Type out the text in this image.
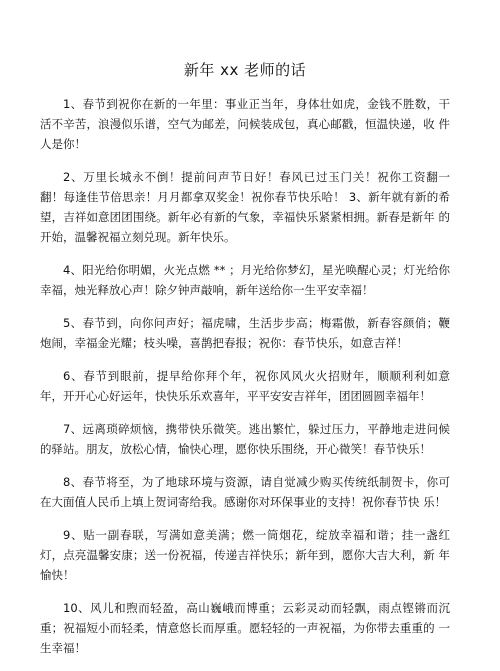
新年 xx 老师的话

1、春节到祝你在新的一年里：事业正当年，身体壮如虎，金钱不胜数，干 活不辛苦，浪漫似乐谱，空气为邮差，问候装成包，真心邮戳，恒温快递，收 件人是你！

2、万里长城永不倒！提前问声节日好！春风已过玉门关！祝你工资翻一 翻！每逢佳节倍思亲！月月都拿双奖金！祝你春节快乐哈！ 3、新年就有新的希 望，吉祥如意团团围绕。新年必有新的气象，幸福快乐紧紧相拥。新春是新年 的开始，温馨祝福立刻兑现。新年快乐。

4、阳光给你明媚，火光点燃 ** ；月光给你梦幻，星光唤醒心灵；灯光给你 幸福，烛光释放心声！除夕钟声敲响，新年送给你一生平安幸福！

5、春节到，向你问声好；福虎啸，生活步步高；梅霜傲，新春容颜俏；鞭 炮闹，幸福金光耀；枝头噪，喜鹊把春报；祝你：春节快乐，如意吉祥！

6、春节到眼前，提早给你拜个年，祝你风风火火招财年，顺顺利利如意 年，开开心心好运年，快快乐乐欢喜年，平平安安吉祥年，团团圆圆幸福年！

7、远离琐碎烦恼，携带快乐微笑。逃出繁忙，躲过压力，平静地走进问候 的驿站。朋友，放松心情，愉快心理，愿你快乐围绕，开心微笑！春节快乐！

8、春节将至，为了地球环境与资源，请自觉减少购买传统纸制贺卡，你可 在大面值人民币上填上贺词寄给我。感谢你对环保事业的支持！祝你春节快 乐！

9、贴一副春联，写满如意美满；燃一筒烟花，绽放幸福和谐；挂一盏红 灯，点亮温馨安康；送一份祝福，传递吉祥快乐；新年到，愿你大吉大利，新 年愉快！

10、风儿和煦而轻盈，高山巍峨而博重；云彩灵动而轻飘，雨点铿锵而沉 重；祝福短小而轻柔，情意悠长而厚重。愿轻轻的一声祝福，为你带去重重的 一生幸福！
